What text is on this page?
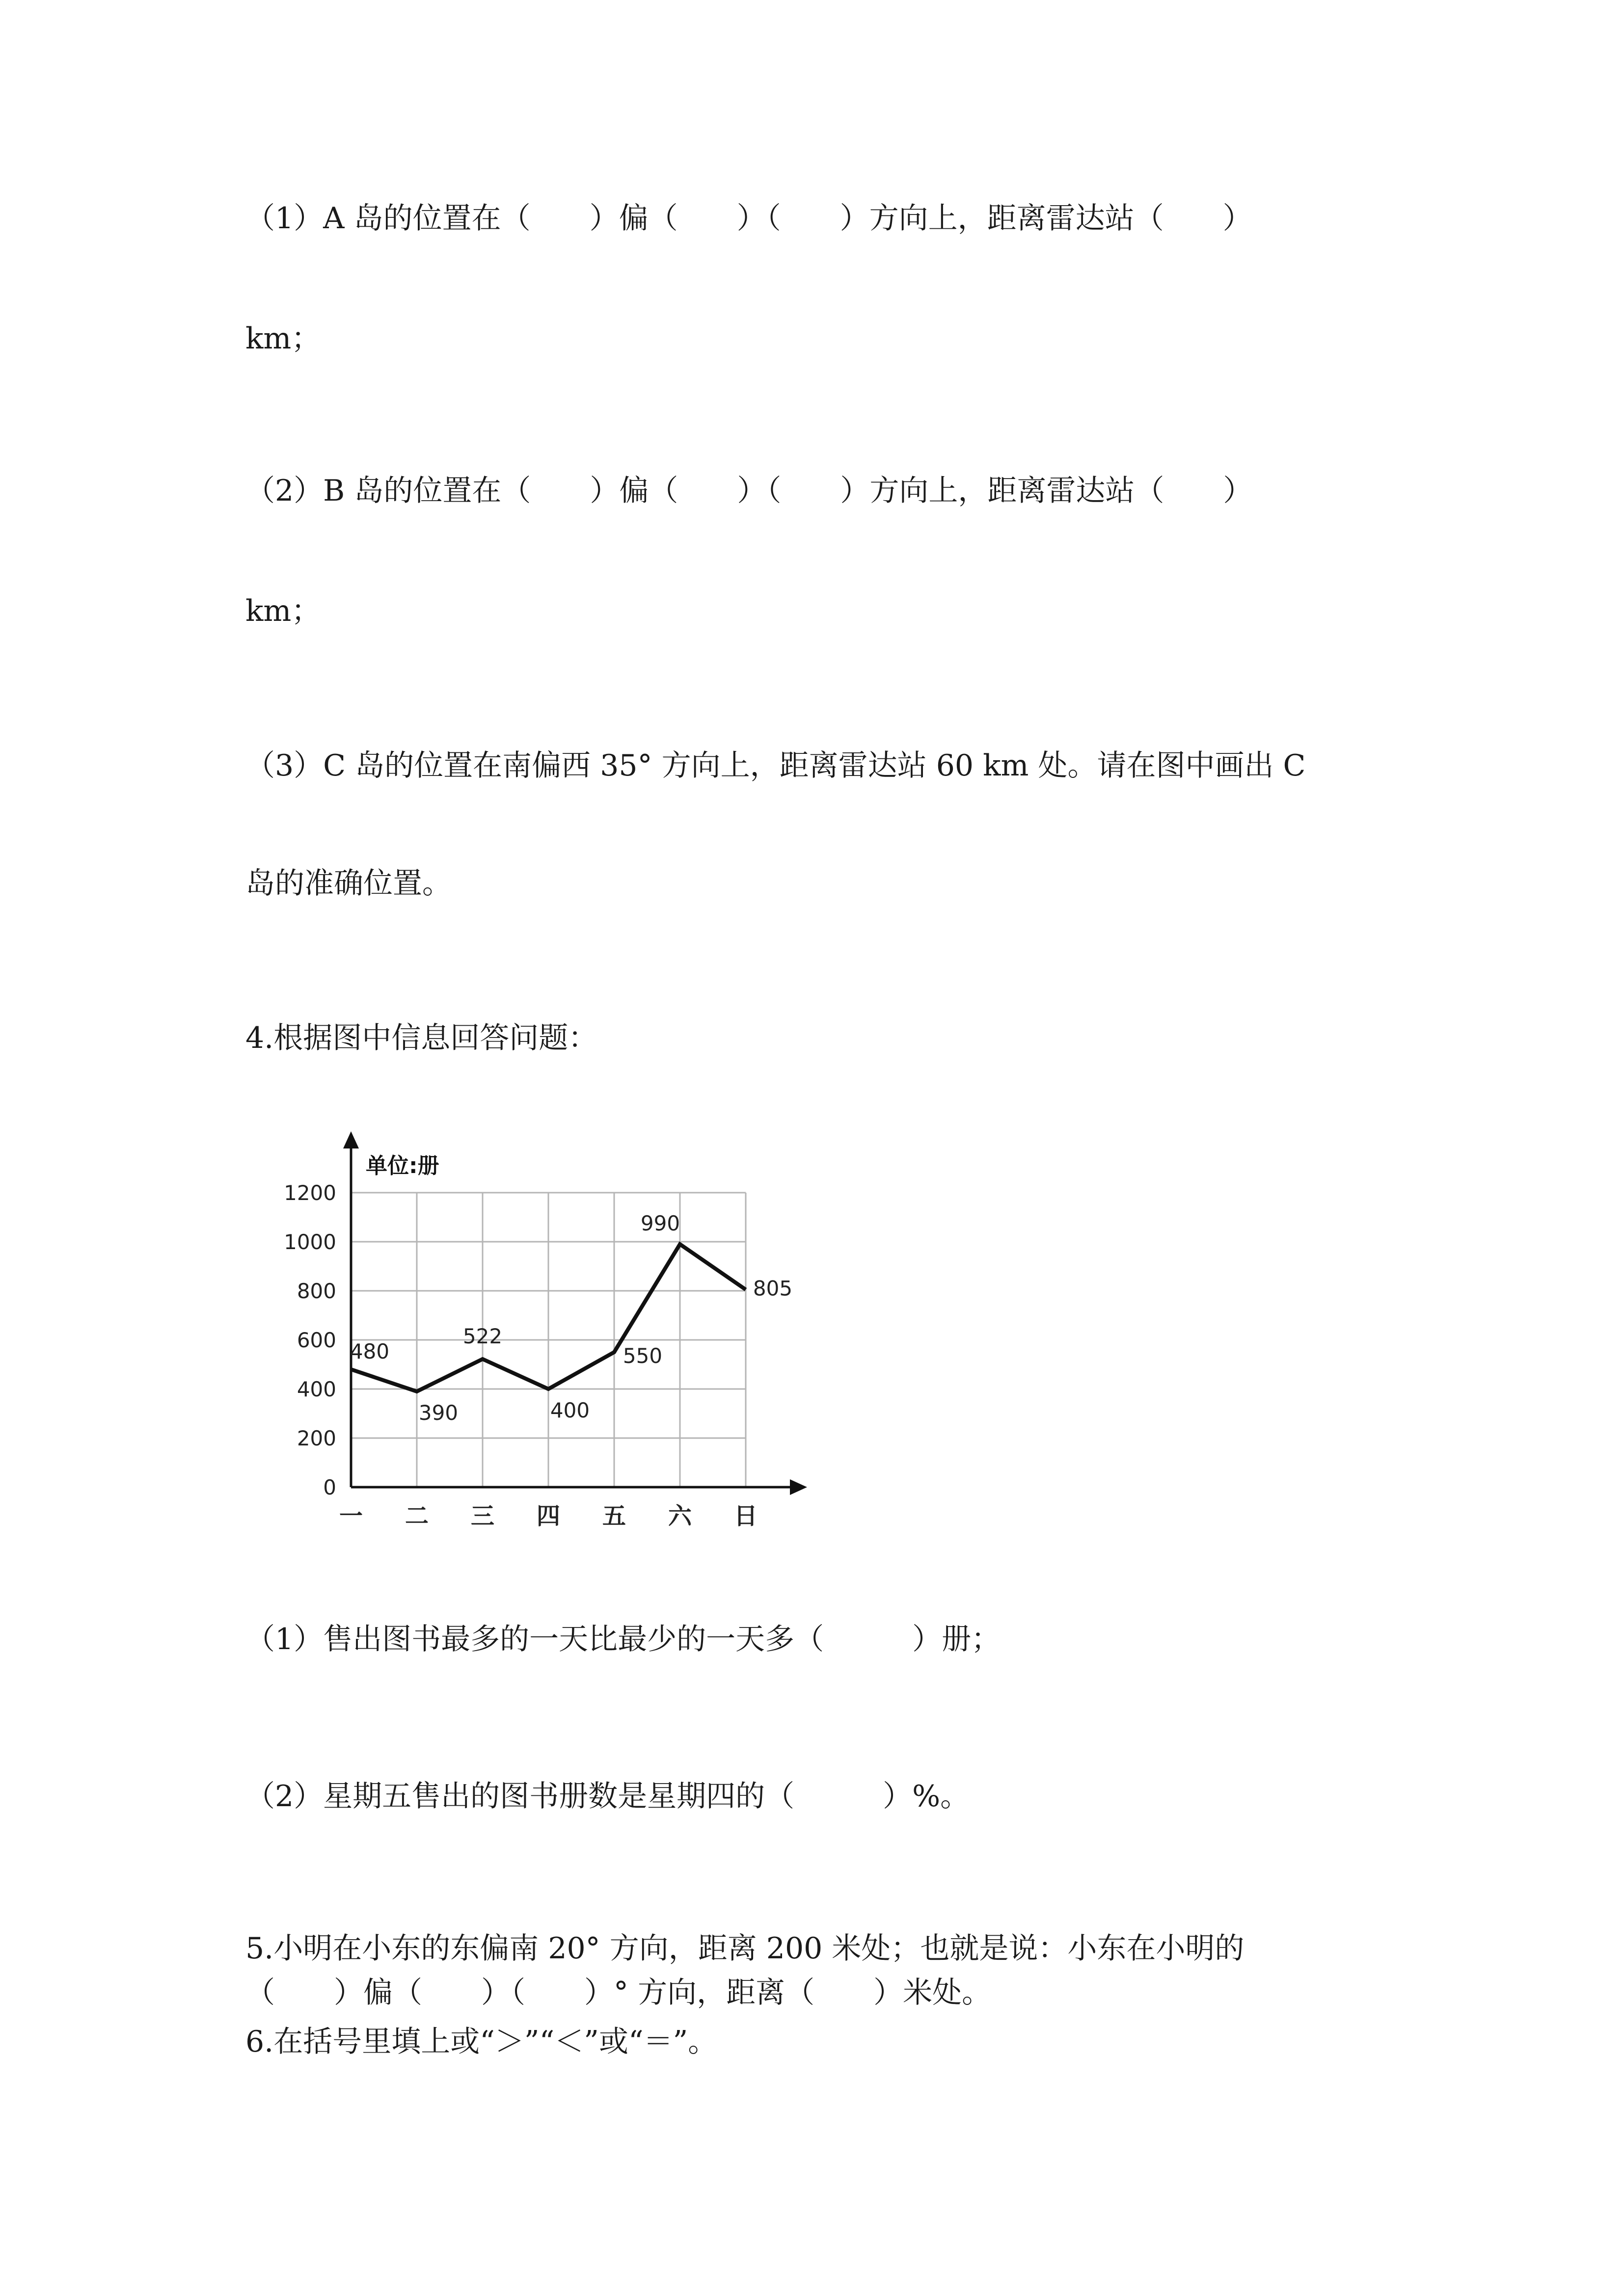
（1）A 岛的位置在（　　）偏（　　）（　　）方向上，距离雷达站（　　）
km；
（2）B 岛的位置在（　　）偏（　　）（　　）方向上，距离雷达站（　　）
km；
（3）C 岛的位置在南偏西 35° 方向上，距离雷达站 60 km 处。请在图中画出 C
岛的准确位置。
4.根据图中信息回答问题：
0
200
400
600
800
1000
1200
一 二 三 四 五 六 日
480
390
522
400
550
990
805
单位:册
（1）售出图书最多的一天比最少的一天多（　　　）册；
（2）星期五售出的图书册数是星期四的（　　　）%。
5.小明在小东的东偏南 20° 方向，距离 200 米处；也就是说：小东在小明的
（　　）偏（　　）（　　）° 方向，距离（　　）米处。
6.在括号里填上或“＞”“＜”或“＝”。
